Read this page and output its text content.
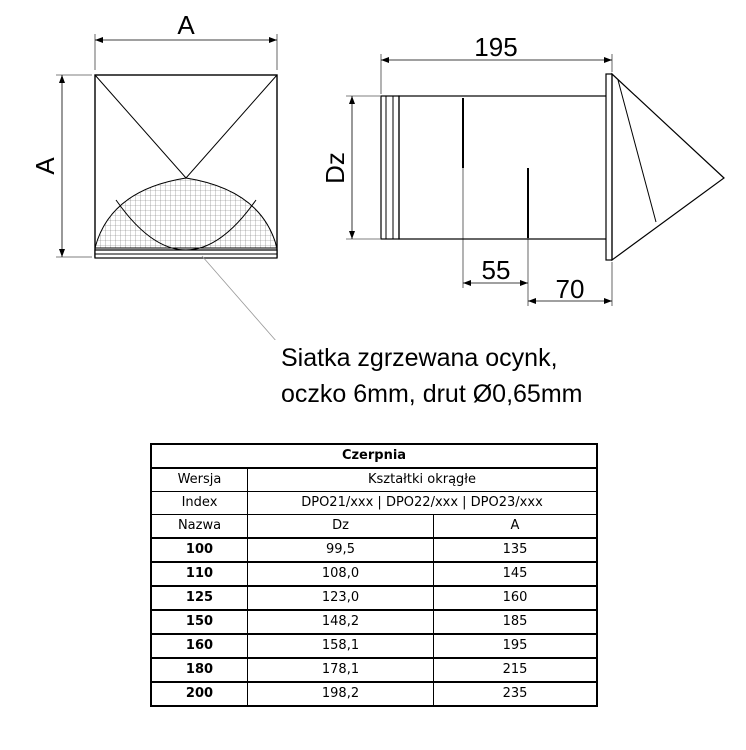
A
A
195
Dz
55
70
Siatka zgrzewana ocynk,
oczko 6mm, drut Ø0,65mm
Czerpnia		
Wersja	Kształtki okrągłe	
Index	DPO21/xxx | DPO22/xxx | DPO23/xxx	
Nazwa	Dz	A
100	99,5	135
110	108,0	145
125	123,0	160
150	148,2	185
160	158,1	195
180	178,1	215
200	198,2	235
